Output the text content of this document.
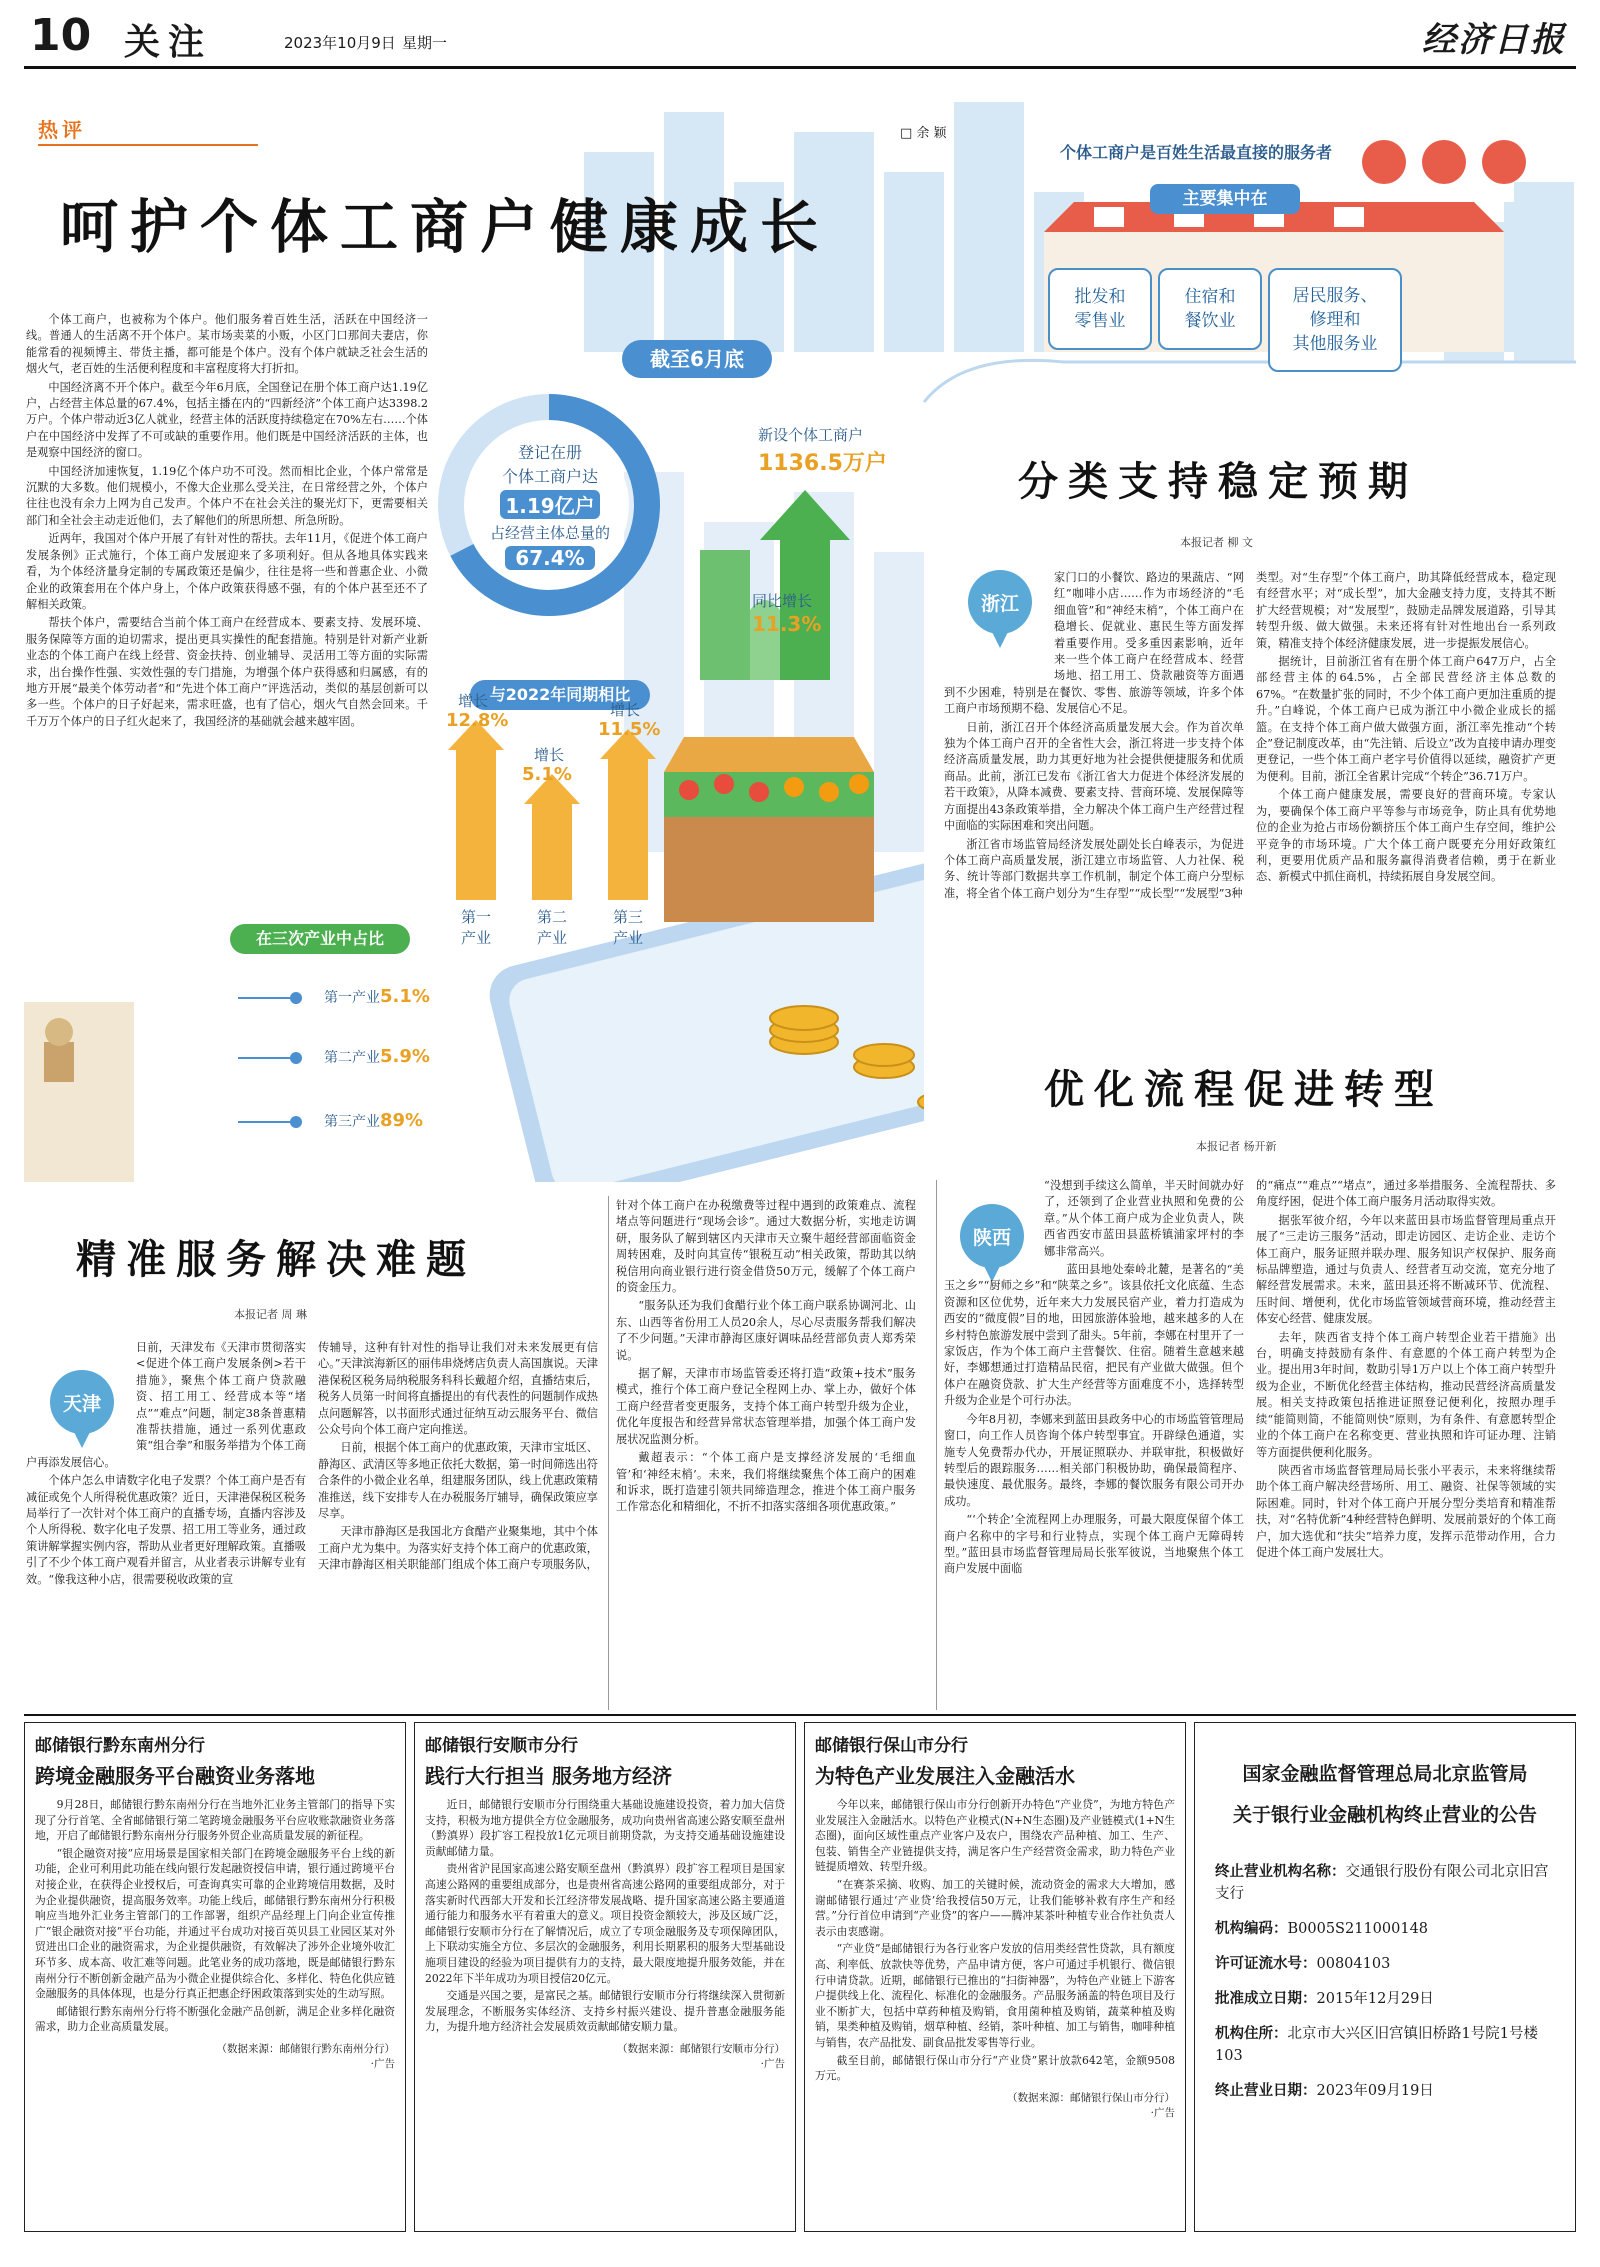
10 关注	2023年10月9日 星期一	经济日报
热评	□ 余 颖
呵护个体工商户健康成长

个体工商户，也被称为个体户。他们服务着百姓生活，活跃在中国经济一线。普通人的生活离不开个体户。某市场卖菜的小贩，小区门口那间夫妻店，你能常看的视频博主、带货主播，都可能是个体户。没有个体户就缺乏社会生活的烟火气，老百姓的生活便利程度和丰富程度将大打折扣。

中国经济离不开个体户。截至今年6月底，全国登记在册个体工商户达1.19亿户，占经营主体总量的67.4%，包括主播在内的“四新经济”个体工商户达3398.2万户。个体户带动近3亿人就业，经营主体的活跃度持续稳定在70%左右……个体户在中国经济中发挥了不可或缺的重要作用。他们既是中国经济活跃的主体，也是观察中国经济的窗口。

中国经济加速恢复，1.19亿个体户功不可没。然而相比企业，个体户常常是沉默的大多数。他们规模小，不像大企业那么受关注，在日常经营之外，个体户往往也没有余力上网为自己发声。个体户不在社会关注的聚光灯下，更需要相关部门和全社会主动走近他们，去了解他们的所思所想、所急所盼。

近两年，我国对个体户开展了有针对性的帮扶。去年11月，《促进个体工商户发展条例》正式施行，个体工商户发展迎来了多项利好。但从各地具体实践来看，为个体经济量身定制的专属政策还是偏少，往往是将一些和普惠企业、小微企业的政策套用在个体户身上，个体户政策获得感不强，有的个体户甚至还不了解相关政策。

帮扶个体户，需要结合当前个体工商户在经营成本、要素支持、发展环境、服务保障等方面的迫切需求，提出更具实操性的配套措施。特别是针对新产业新业态的个体工商户在线上经营、资金扶持、创业辅导、灵活用工等方面的实际需求，出台操作性强、实效性强的专门措施，为增强个体户获得感和归属感，有的地方开展“最美个体劳动者”和“先进个体工商户”评选活动，类似的基层创新可以多一些。个体户的日子好起来，需求旺盛，也有了信心，烟火气自然会回来。千千万万个体户的日子红火起来了，我国经济的基础就会越来越牢固。

个体工商户是百姓生活最直接的服务者
主要集中在
批发和
零售业
住宿和
餐饮业
居民服务、
修理和
其他服务业
截至6月底
登记在册
个体工商户达
1.19亿户
占经营主体总量的
67.4%
新设个体工商户
1136.5万户
同比增长
11.3%
与2022年同期相比
增长
12.8%
第一
产业
增长
5.1%
第二
产业
增长
11.5%
第三
产业
在三次产业中占比
第一产业5.1%
第二产业5.9%
第三产业89%
分类支持稳定预期
本报记者 柳 文
浙江

家门口的小餐饮、路边的果蔬店、“网红”咖啡小店……作为市场经济的“毛细血管”和“神经末梢”，个体工商户在稳增长、促就业、惠民生等方面发挥着重要作用。受多重因素影响，近年来一些个体工商户在经营成本、经营场地、招工用工、贷款融资等方面遇到不少困难，特别是在餐饮、零售、旅游等领域，许多个体工商户市场预期不稳、发展信心不足。

日前，浙江召开个体经济高质量发展大会。作为首次单独为个体工商户召开的全省性大会，浙江将进一步支持个体经济高质量发展，助力其更好地为社会提供便捷服务和优质商品。此前，浙江已发布《浙江省大力促进个体经济发展的若干政策》，从降本减费、要素支持、营商环境、发展保障等方面提出43条政策举措，全力解决个体工商户生产经营过程中面临的实际困难和突出问题。

浙江省市场监管局经济发展处副处长白峰表示，为促进个体工商户高质量发展，浙江建立市场监管、人力社保、税务、统计等部门数据共享工作机制，制定个体工商户分型标准，将全省个体工商户划分为“生存型”“成长型”“发展型”3种

类型。对“生存型”个体工商户，助其降低经营成本，稳定现有经营水平；对“成长型”，加大金融支持力度，支持其不断扩大经营规模；对“发展型”，鼓励走品牌发展道路，引导其转型升级、做大做强。未来还将有针对性地出台一系列政策，精准支持个体经济健康发展，进一步提振发展信心。

据统计，目前浙江省有在册个体工商户647万户，占全部经营主体的64.5%，占全部民营经济主体总数的67%。“在数量扩张的同时，不少个体工商户更加注重质的提升。”白峰说，个体工商户已成为浙江中小微企业成长的摇篮。在支持个体工商户做大做强方面，浙江率先推动“个转企”登记制度改革，由“先注销、后设立”改为直接申请办理变更登记，一些个体工商户老字号价值得以延续，融资扩产更为便利。目前，浙江全省累计完成“个转企”36.71万户。

个体工商户健康发展，需要良好的营商环境。专家认为，要确保个体工商户平等参与市场竞争，防止具有优势地位的企业为抢占市场份额挤压个体工商户生存空间，维护公平竞争的市场环境。广大个体工商户既要充分用好政策红利，更要用优质产品和服务赢得消费者信赖，勇于在新业态、新模式中抓住商机，持续拓展自身发展空间。

优化流程促进转型
本报记者 杨开新
陕西

“没想到手续这么简单，半天时间就办好了，还领到了企业营业执照和免费的公章。”从个体工商户成为企业负责人，陕西省西安市蓝田县蓝桥镇浦家坪村的李娜非常高兴。

蓝田县地处秦岭北麓，是著名的“美玉之乡”“厨师之乡”和“陕菜之乡”。该县依托文化底蕴、生态资源和区位优势，近年来大力发展民宿产业，着力打造成为西安的“微度假”目的地，田园旅游体验地，越来越多的人在乡村特色旅游发展中尝到了甜头。5年前，李娜在村里开了一家饭店，作为个体工商户主营餐饮、住宿。随着生意越来越好，李娜想通过打造精品民宿，把民有产业做大做强。但个体户在融资贷款、扩大生产经营等方面难度不小，选择转型升级为企业是个可行办法。

今年8月初，李娜来到蓝田县政务中心的市场监管管理局窗口，向工作人员咨询个体户转型事宜。开辟绿色通道，实施专人免费帮办代办，开展证照联办、并联审批，积极做好转型后的跟踪服务……相关部门积极协助，确保最简程序、最快速度、最优服务。最终，李娜的餐饮服务有限公司开办成功。

“‘个转企’全流程网上办理服务，可最大限度保留个体工商户名称中的字号和行业特点，实现个体工商户无障碍转型。”蓝田县市场监督管理局局长张军彼说，当地聚焦个体工商户发展中面临

的“痛点”“难点”“堵点”，通过多举措服务、全流程帮扶、多角度纾困，促进个体工商户服务月活动取得实效。

据张军彼介绍，今年以来蓝田县市场监督管理局重点开展了“三走访三服务”活动，即走访园区、走访企业、走访个体工商户，服务证照并联办理、服务知识产权保护、服务商标品牌塑造，通过与负责人、经营者互动交流，宽充分地了解经营发展需求。未来，蓝田县还将不断减环节、优流程、压时间、增便利，优化市场监管领域营商环境，推动经营主体安心经营、健康发展。

去年，陕西省支持个体工商户转型企业若干措施》出台，明确支持鼓励有条件、有意愿的个体工商户转型为企业。提出用3年时间，数助引导1万户以上个体工商户转型升级为企业，不断优化经营主体结构，推动民营经济高质量发展。相关支持政策包括推进证照登记便利化，按照办理手续“能简则简，不能简则快”原则，为有条件、有意愿转型企业的个体工商户在名称变更、营业执照和许可证办理、注销等方面提供便利化服务。

陕西省市场监督管理局局长张小平表示，未来将继续帮助个体工商户解决经营场所、用工、融资、社保等领域的实际困难。同时，针对个体工商户开展分型分类培育和精准帮扶，对“名特优新”4种经营特色鲜明、发展前景好的个体工商户，加大选优和“扶尖”培养力度，发挥示范带动作用，合力促进个体工商户发展壮大。

精准服务解决难题
本报记者 周 琳
天津

日前，天津发布《天津市贯彻落实<促进个体工商户发展条例>若干措施》，聚焦个体工商户贷款融资、招工用工、经营成本等“堵点”“难点”问题，制定38条普惠精准帮扶措施，通过一系列优惠政策“组合拳”和服务举措为个体工商户再添发展信心。

个体户怎么申请数字化电子发票？个体工商户是否有减征或免个人所得税优惠政策？近日，天津港保税区税务局举行了一次针对个体工商户的直播专场，直播内容涉及个人所得税、数字化电子发票、招工用工等业务，通过政策讲解掌握实例内容，帮助从业者更好理解政策。直播吸引了不少个体工商户观看并留言，从业者表示讲解专业有效。“像我这种小店，很需要税收政策的宣

传辅导，这种有针对性的指导让我们对未来发展更有信心。”天津滨海新区的丽伟串烧烤店负责人高国旗说。天津港保税区税务局纳税服务科科长戴超介绍，直播结束后，税务人员第一时间将直播提出的有代表性的问题制作成热点问题解答，以书面形式通过征纳互动云服务平台、微信公众号向个体工商户定向推送。

日前，根据个体工商户的优惠政策，天津市宝坻区、静海区、武清区等多地正依托大数据，第一时间筛选出符合条件的小微企业名单，组建服务团队，线上优惠政策精准推送，线下安排专人在办税服务厅辅导，确保政策应享尽享。

天津市静海区是我国北方食醋产业聚集地，其中个体工商户尤为集中。为落实好支持个体工商户的优惠政策，天津市静海区相关职能部门组成个体工商户专项服务队，

针对个体工商户在办税缴费等过程中遇到的政策难点、流程堵点等问题进行“现场会诊”。通过大数据分析，实地走访调研，服务队了解到辖区内天津市天立聚牛超经营部面临资金周转困难，及时向其宣传“银税互动”相关政策，帮助其以纳税信用向商业银行进行资金借贷50万元，缓解了个体工商户的资金压力。

“服务队还为我们食醋行业个体工商户联系协调河北、山东、山西等省份用工人员20余人，尽心尽责服务帮我们解决了不少问题。”天津市静海区康好调味品经营部负责人郑秀荣说。

据了解，天津市市场监管委还将打造“政策+技术”服务模式，推行个体工商户登记全程网上办、掌上办，做好个体工商户经营者变更服务，支持个体工商户转型升级为企业，优化年度报告和经营异常状态管理举措，加强个体工商户发展状况监测分析。

戴超表示：“个体工商户是支撑经济发展的‘毛细血管’和‘神经末梢’。未来，我们将继续聚焦个体工商户的困难和诉求，既打造建引领共同缔造理念，推进个体工商户服务工作常态化和精细化，不折不扣落实落细各项优惠政策。”

邮储银行黔东南州分行
跨境金融服务平台融资业务落地

9月28日，邮储银行黔东南州分行在当地外汇业务主管部门的指导下实现了分行首笔、全省邮储银行第二笔跨境金融服务平台应收账款融资业务落地，开启了邮储银行黔东南州分行服务外贸企业高质量发展的新征程。

“银企融资对接”应用场景是国家相关部门在跨境金融服务平台上线的新功能，企业可利用此功能在线向银行发起融资授信申请，银行通过跨境平台对接企业，在获得企业授权后，可查询真实可靠的企业跨境信用数据，及时为企业提供融资，提高服务效率。功能上线后，邮储银行黔东南州分行积极响应当地外汇业务主管部门的工作部署，组织产品经理上门向企业宣传推广“银企融资对接”平台功能，并通过平台成功对接百英贝县工业园区某对外贸进出口企业的融资需求，为企业提供融资，有效解决了涉外企业境外收汇环节多、成本高、收汇难等问题。此笔业务的成功落地，既是邮储银行黔东南州分行不断创新金融产品为小微企业提供综合化、多样化、特色化供应链金融服务的具体体现，也是分行真正把惠企纾困政策落到实处的生动写照。

邮储银行黔东南州分行将不断强化金融产品创新，满足企业多样化融资需求，助力企业高质量发展。

（数据来源：邮储银行黔东南州分行）
·广告
邮储银行安顺市分行
践行大行担当 服务地方经济

近日，邮储银行安顺市分行围绕重大基础设施建设投资，着力加大信贷支持，积极为地方提供全方位金融服务，成功向贵州省高速公路安顺至盘州（黔滇界）段扩容工程投放1亿元项目前期贷款，为支持交通基础设施建设贡献邮储力量。

贵州省沪昆国家高速公路安顺至盘州（黔滇界）段扩容工程项目是国家高速公路网的重要组成部分，也是贵州省高速公路网的重要组成部分，对于落实新时代西部大开发和长江经济带发展战略、提升国家高速公路主要通道通行能力和服务水平有着重大的意义。项目投资金额较大，涉及区域广泛，邮储银行安顺市分行在了解情况后，成立了专项金融服务及专项保障团队，上下联动实施全方位、多层次的金融服务，利用长期累积的服务大型基础设施项目建设的经验为项目提供有力的支持，最大限度地提升服务效能，并在2022年下半年成功为项目授信20亿元。

交通是兴国之要，是富民之基。邮储银行安顺市分行将继续深入贯彻新发展理念，不断服务实体经济、支持乡村振兴建设、提升普惠金融服务能力，为提升地方经济社会发展质效贡献邮储安顺力量。

（数据来源：邮储银行安顺市分行）
·广告
邮储银行保山市分行
为特色产业发展注入金融活水

今年以来，邮储银行保山市分行创新开办特色“产业贷”，为地方特色产业发展注入金融活水。以特色产业模式(N+N生态圈)及产业链模式(1+N生态圈)，面向区域性重点产业客户及农户，围绕农产品种植、加工、生产、包装、销售全产业链提供支持，满足客户生产经营资金需求，助力特色产业链提质增效、转型升级。

“在赛茶采摘、收购、加工的关键时候，流动资金的需求大大增加，感谢邮储银行通过‘产业贷’给我授信50万元，让我们能够补救有序生产和经营。”分行首位申请到“产业贷”的客户——腾冲某茶叶种植专业合作社负责人表示由衷感谢。

“产业贷”是邮储银行为各行业客户发放的信用类经营性贷款，具有额度高、利率低、放款快等优势，产品申请方便，客户可通过手机银行、微信银行申请贷款。近期，邮储银行已推出的“扫街神器”，为特色产业链上下游客户提供线上化、流程化、标准化的金融服务。产品服务涵盖的特色项目及行业不断扩大，包括中草药种植及购销，食用菌种植及购销，蔬菜种植及购销，果类种植及购销，烟草种植、经销，茶叶种植、加工与销售，咖啡种植与销售，农产品批发、副食品批发零售等行业。

截至目前，邮储银行保山市分行“产业贷”累计放款642笔，金额9508万元。

（数据来源：邮储银行保山市分行）
·广告
国家金融监督管理总局北京监管局
关于银行业金融机构终止营业的公告
终止营业机构名称：交通银行股份有限公司北京旧宫支行
机构编码：B0005S211000148
许可证流水号：00804103
批准成立日期：2015年12月29日
机构住所：北京市大兴区旧宫镇旧桥路1号院1号楼103
终止营业日期：2023年09月19日
